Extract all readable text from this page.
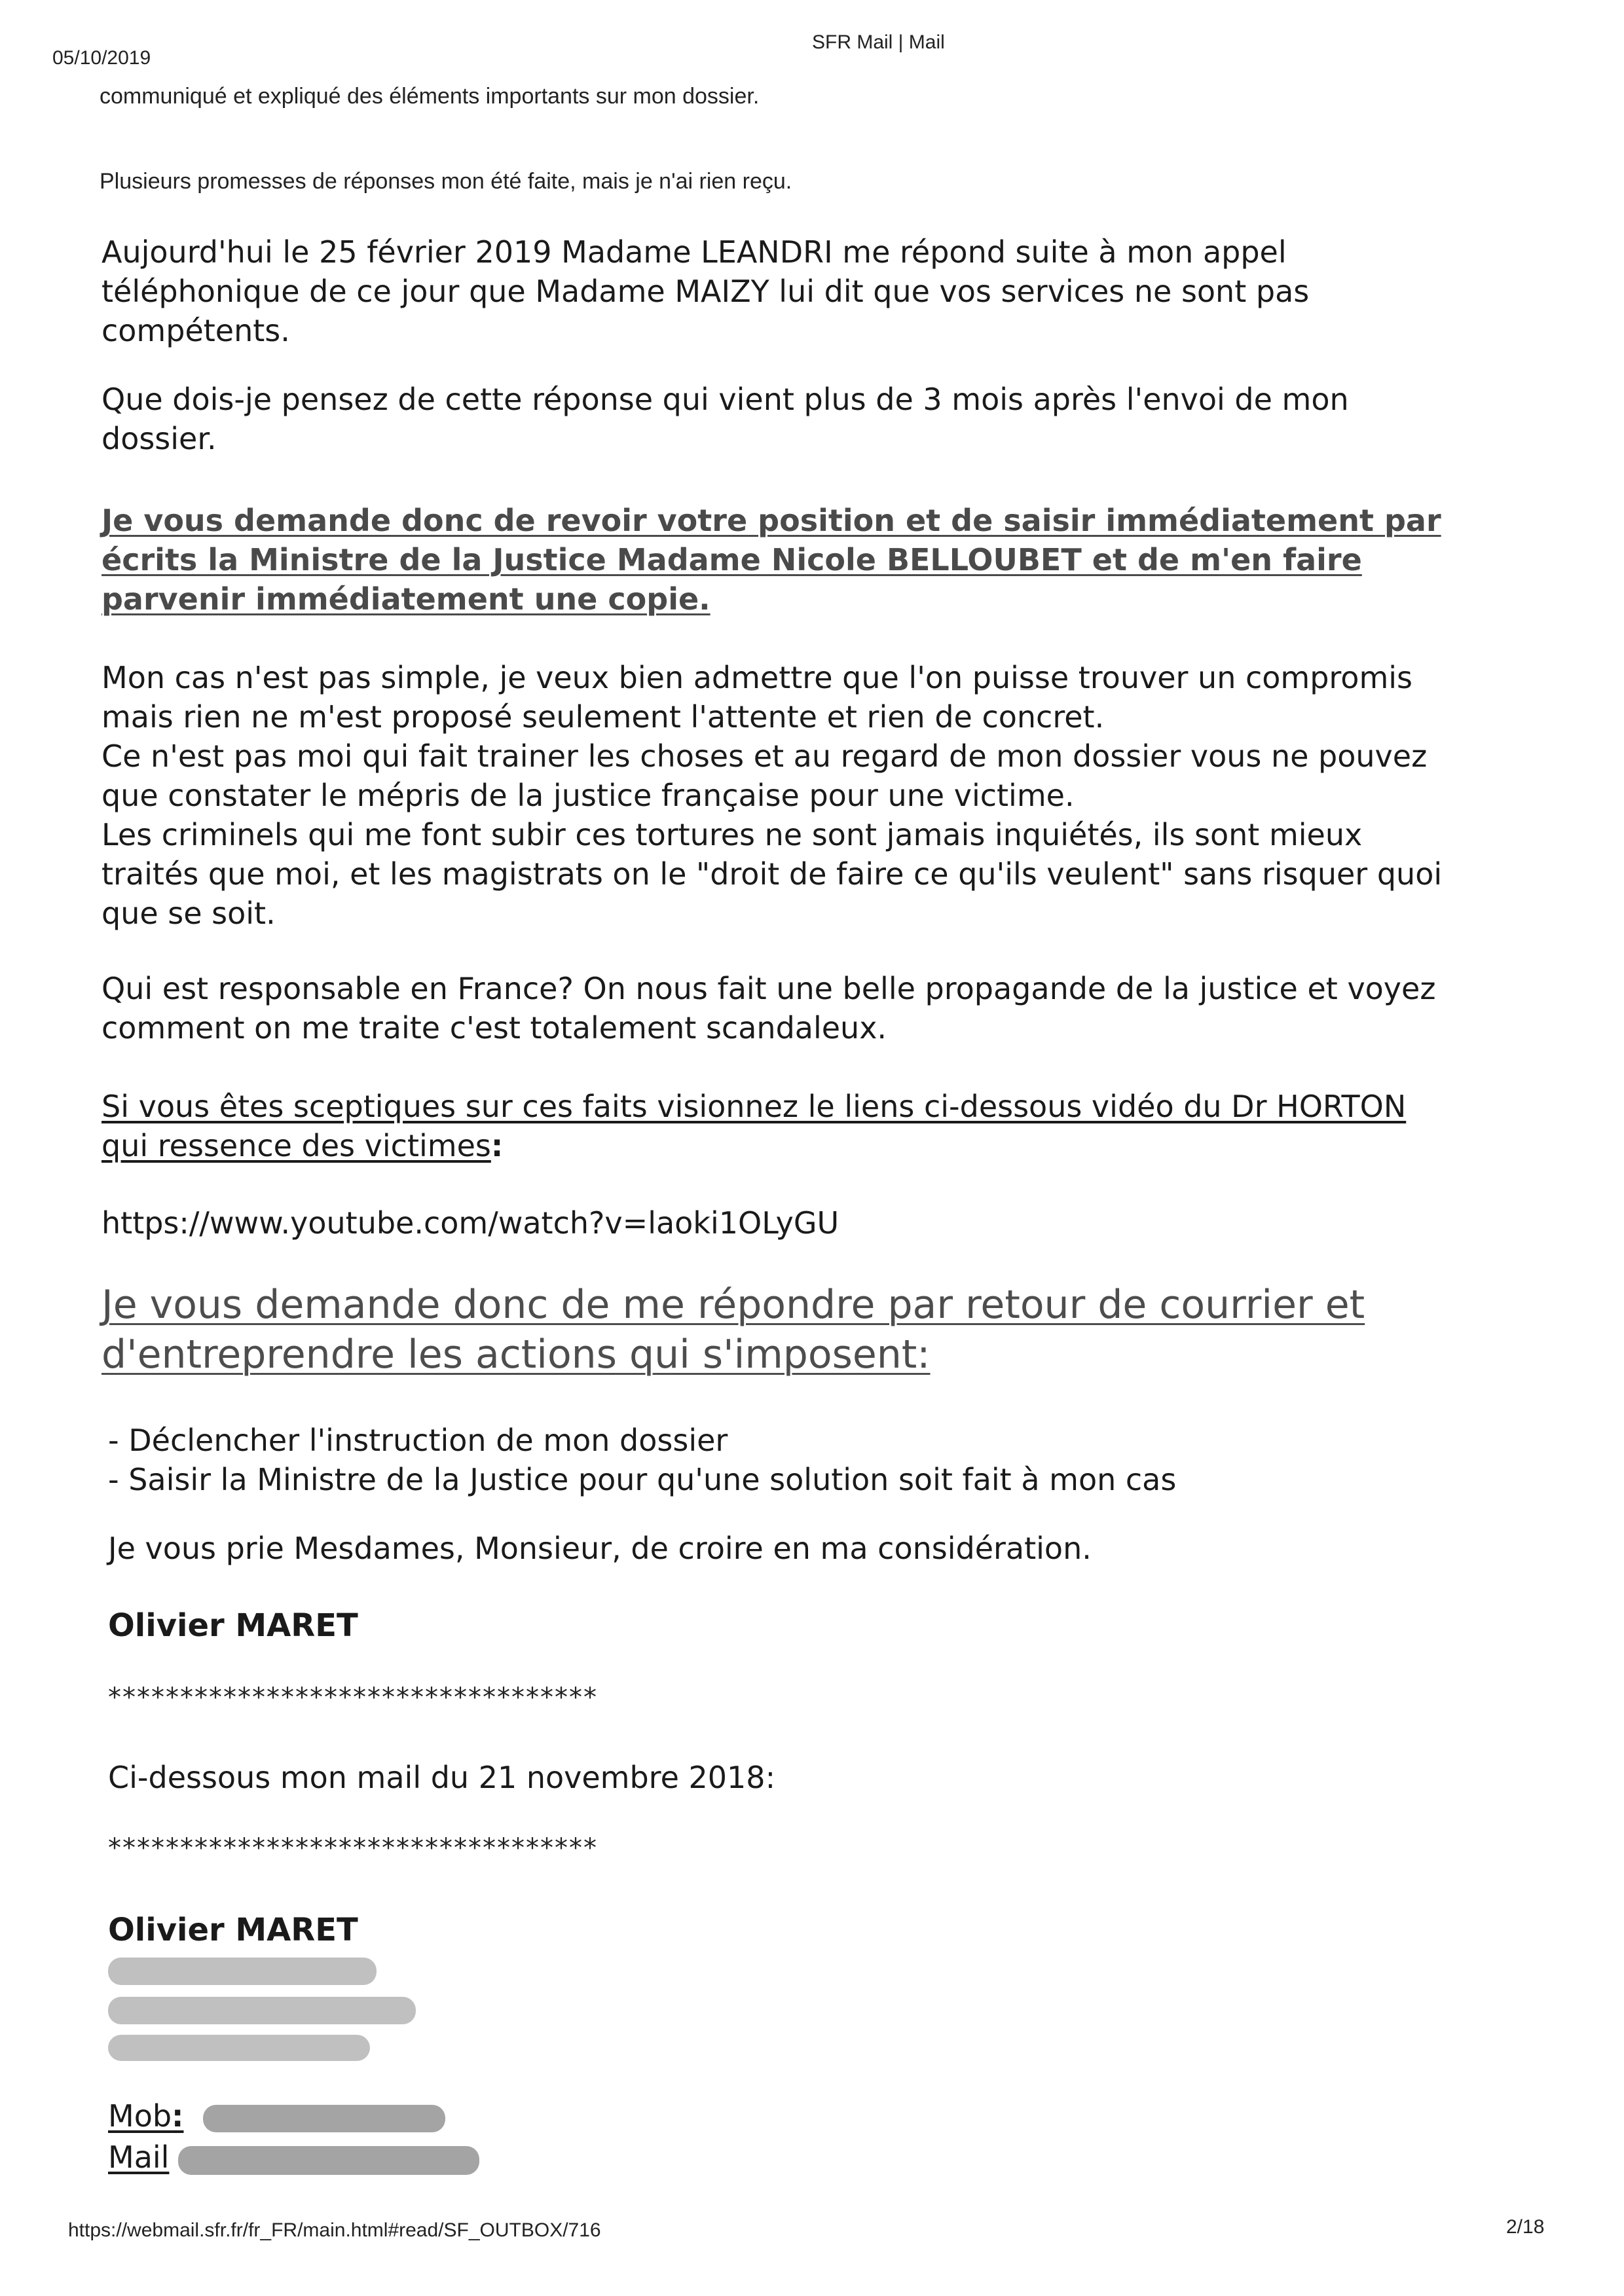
05/10/2019
SFR Mail | Mail
communiqué et expliqué des éléments importants sur mon dossier.
Plusieurs promesses de réponses mon été faite, mais je n'ai rien reçu.
Aujourd'hui le 25 février 2019 Madame LEANDRI me répond suite à mon appel
téléphonique de ce jour que Madame MAIZY lui dit que vos services ne sont pas
compétents.
Que dois-je pensez de cette réponse qui vient plus de 3 mois après l'envoi de mon
dossier.
Je vous demande donc de revoir votre position et de saisir immédiatement par
écrits la Ministre de la Justice Madame Nicole BELLOUBET et de m'en faire
parvenir immédiatement une copie.
Mon cas n'est pas simple, je veux bien admettre que l'on puisse trouver un compromis
mais rien ne m'est proposé seulement l'attente et rien de concret.
Ce n'est pas moi qui fait trainer les choses et au regard de mon dossier vous ne pouvez
que constater le mépris de la justice française pour une victime.
Les criminels qui me font subir ces tortures ne sont jamais inquiétés, ils sont mieux
traités que moi, et les magistrats on le "droit de faire ce qu'ils veulent" sans risquer quoi
que se soit.
Qui est responsable en France? On nous fait une belle propagande de la justice et voyez
comment on me traite c'est totalement scandaleux.
Si vous êtes sceptiques sur ces faits visionnez le liens ci-dessous vidéo du Dr HORTON
qui ressence des victimes:
https://www.youtube.com/watch?v=laoki1OLyGU
Je vous demande donc de me répondre par retour de courrier et
d'entreprendre les actions qui s'imposent:
- Déclencher l'instruction de mon dossier
- Saisir la Ministre de la Justice pour qu'une solution soit fait à mon cas
Je vous prie Mesdames, Monsieur, de croire en ma considération.
Olivier MARET
**********************************
Ci-dessous mon mail du 21 novembre 2018:
**********************************
Olivier MARET
Mob:
Mail
https://webmail.sfr.fr/fr_FR/main.html#read/SF_OUTBOX/716	2/18
